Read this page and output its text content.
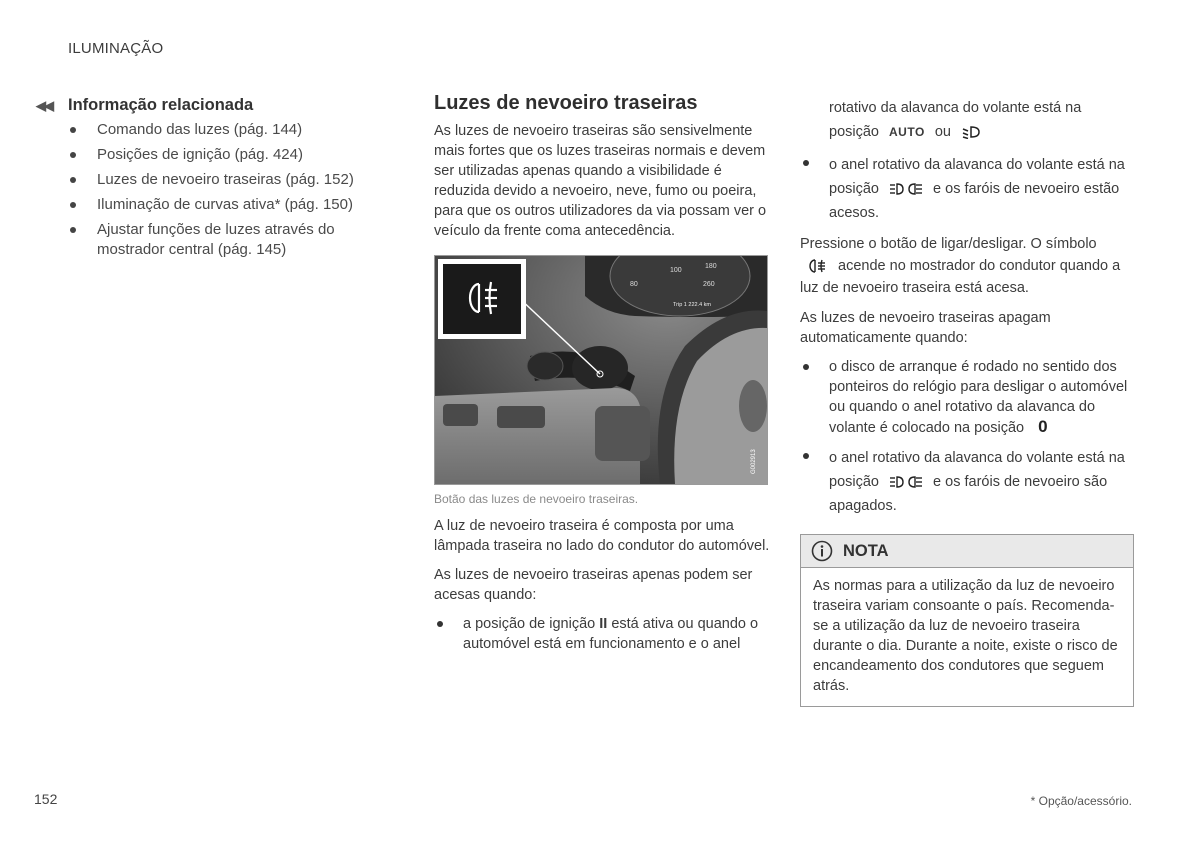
ILUMINAÇÃO
◀◀ Informação relacionada
Comando das luzes (pág. 144)
Posições de ignição (pág. 424)
Luzes de nevoeiro traseiras (pág. 152)
Iluminação de curvas ativa* (pág. 150)
Ajustar funções de luzes através do mostrador central (pág. 145)
Luzes de nevoeiro traseiras

As luzes de nevoeiro traseiras são sensivelmente mais fortes que os luzes traseiras normais e devem ser utilizadas apenas quando a visibilidade é reduzida devido a nevoeiro, neve, fumo ou poeira, para que os outros utilizadores da via possam ver o veículo da frente coma antecedência.

80
100
180
260
Trip 1 222.4 km
G002913
Botão das luzes de nevoeiro traseiras.

A luz de nevoeiro traseira é composta por uma lâmpada traseira no lado do condutor do automóvel.

As luzes de nevoeiro traseiras apenas podem ser acesas quando:

a posição de ignição II está ativa ou quando o automóvel está em funcionamento e o anel

rotativo da alavanca do volante está na posição AUTO ou

o anel rotativo da alavanca do volante está na posição	e os faróis de nevoeiro estão acesos.

Pressione o botão de ligar/desligar. O símbolo  acende no mostrador do condutor quando a luz de nevoeiro traseira está acesa.

As luzes de nevoeiro traseiras apagam automaticamente quando:

o disco de arranque é rodado no sentido dos ponteiros do relógio para desligar o automóvel ou quando o anel rotativo da alavanca do volante é colocado na posição 0
o anel rotativo da alavanca do volante está na posição	e os faróis de nevoeiro são apagados.
NOTA
As normas para a utilização da luz de nevoeiro traseira variam consoante o país. Recomenda-se a utilização da luz de nevoeiro traseira durante o dia. Durante a noite, existe o risco de encandeamento dos condutores que seguem atrás.
152	* Opção/acessório.
